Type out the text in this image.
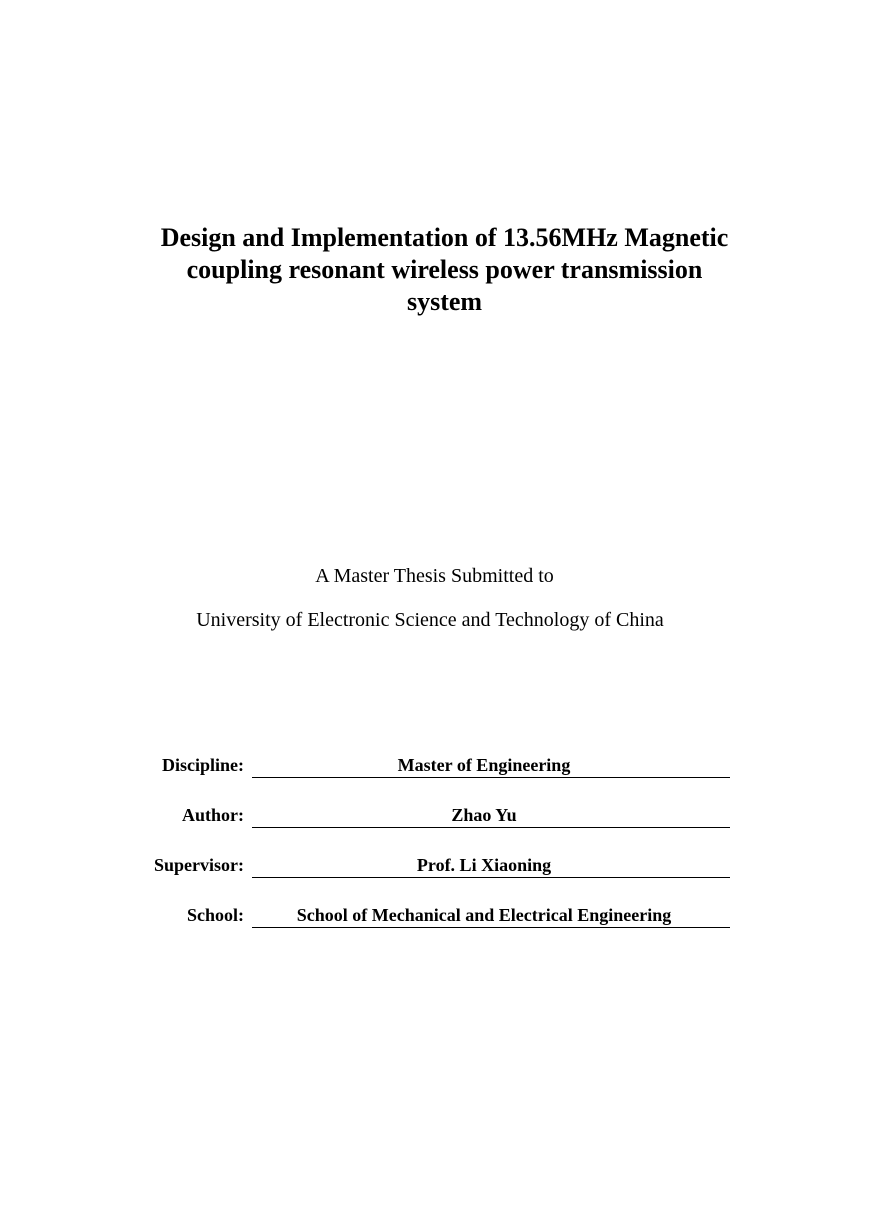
Design and Implementation of 13.56MHz Magnetic
coupling resonant wireless power transmission
system
A Master Thesis Submitted to
University of Electronic Science and Technology of China
Discipline:	Master of Engineering
Author:	Zhao Yu
Supervisor:	Prof. Li Xiaoning
School:	School of Mechanical and Electrical Engineering
